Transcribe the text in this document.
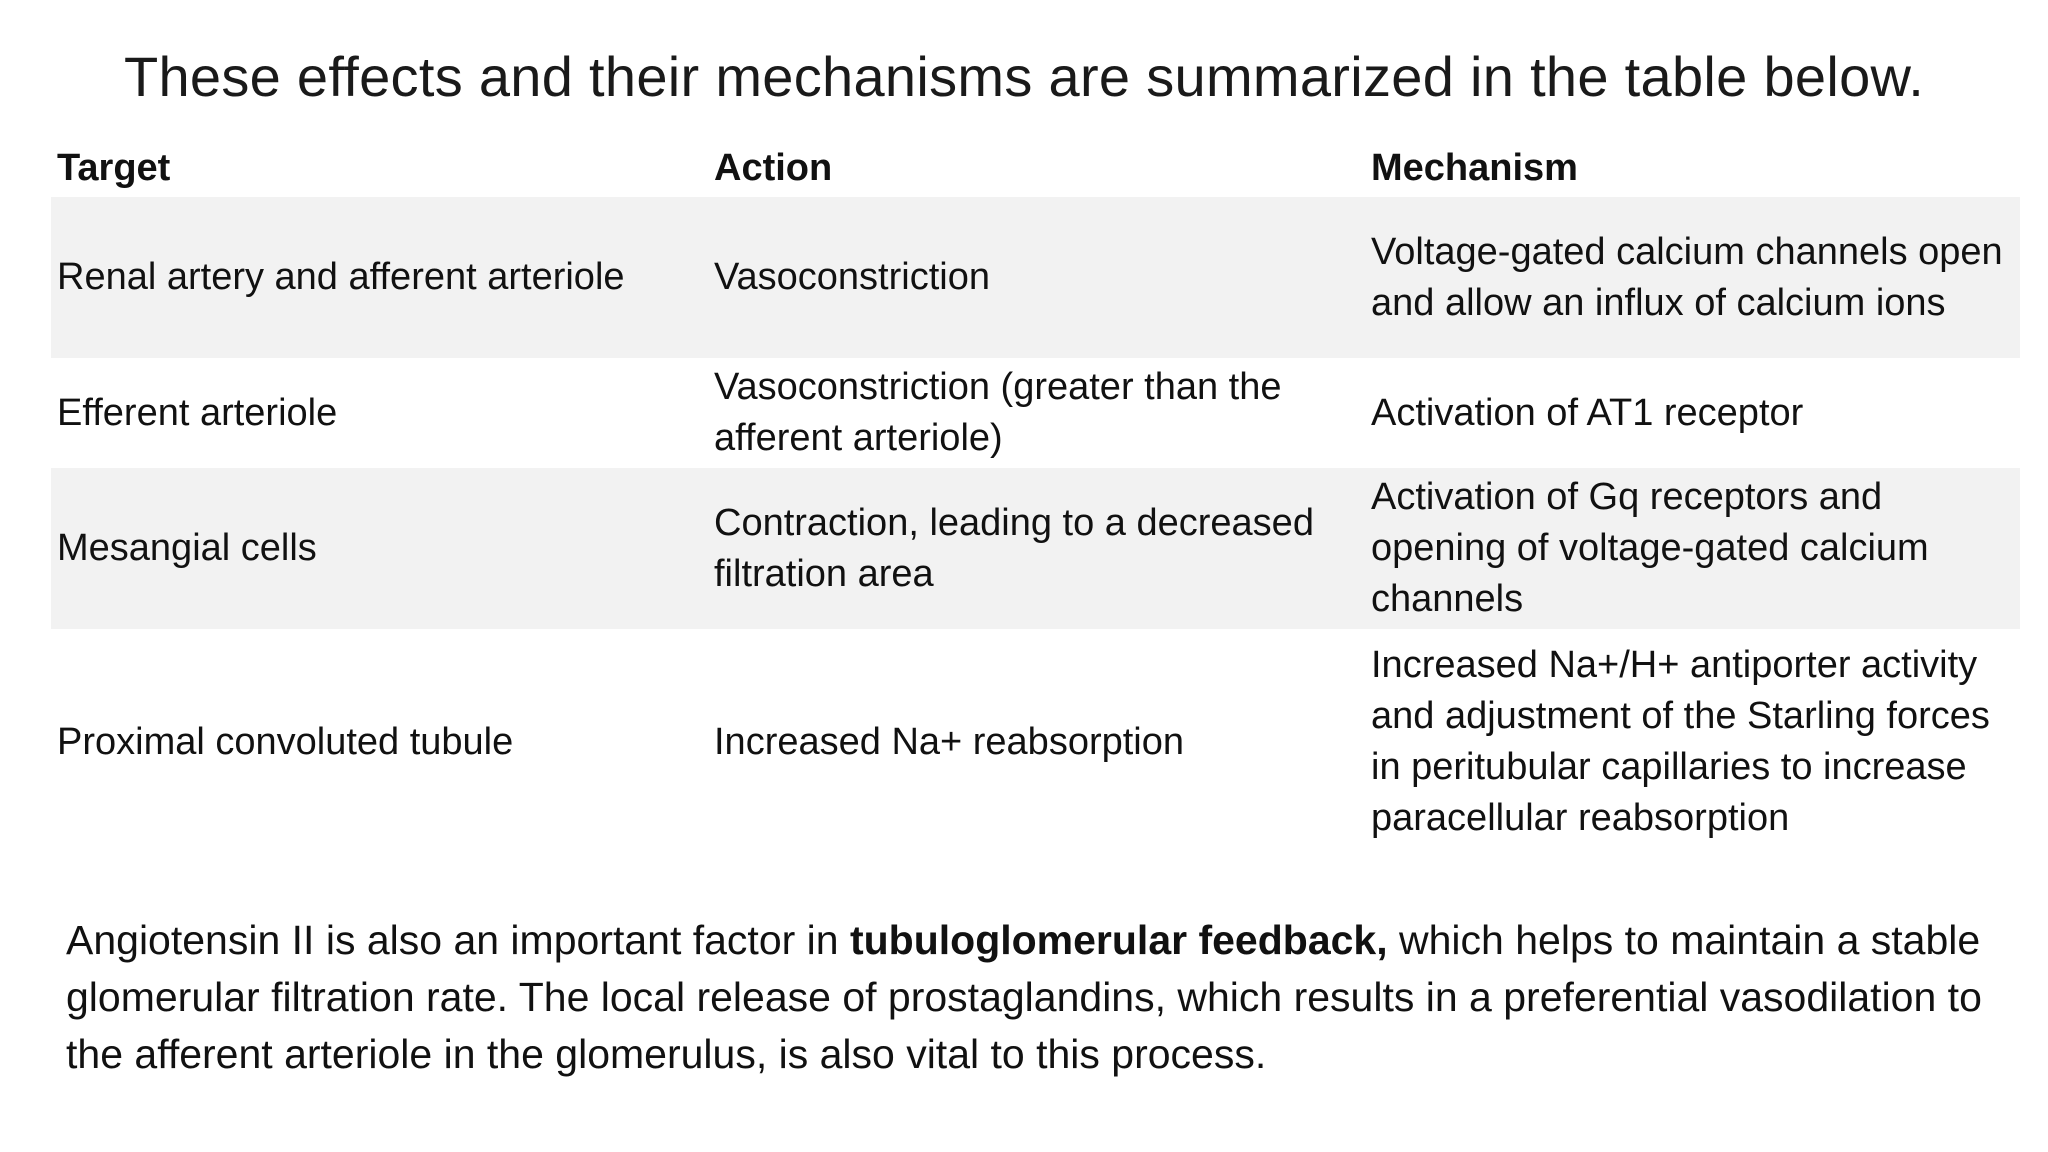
These effects and their mechanisms are summarized in the table below.
Target	Action	Mechanism
Renal artery and afferent arteriole	Vasoconstriction	Voltage-gated calcium channels open and allow an influx of calcium ions
Efferent arteriole	Vasoconstriction (greater than the afferent arteriole)	Activation of AT1 receptor
Mesangial cells	Contraction, leading to a decreased filtration area	Activation of Gq receptors and opening of voltage-gated calcium channels
Proximal convoluted tubule	Increased Na+ reabsorption	Increased Na+/H+ antiporter activity and adjustment of the Starling forces in peritubular capillaries to increase paracellular reabsorption
Angiotensin II is also an important factor in tubuloglomerular feedback, which helps to maintain a stable glomerular filtration rate. The local release of prostaglandins, which results in a preferential vasodilation to the afferent arteriole in the glomerulus, is also vital to this process.
